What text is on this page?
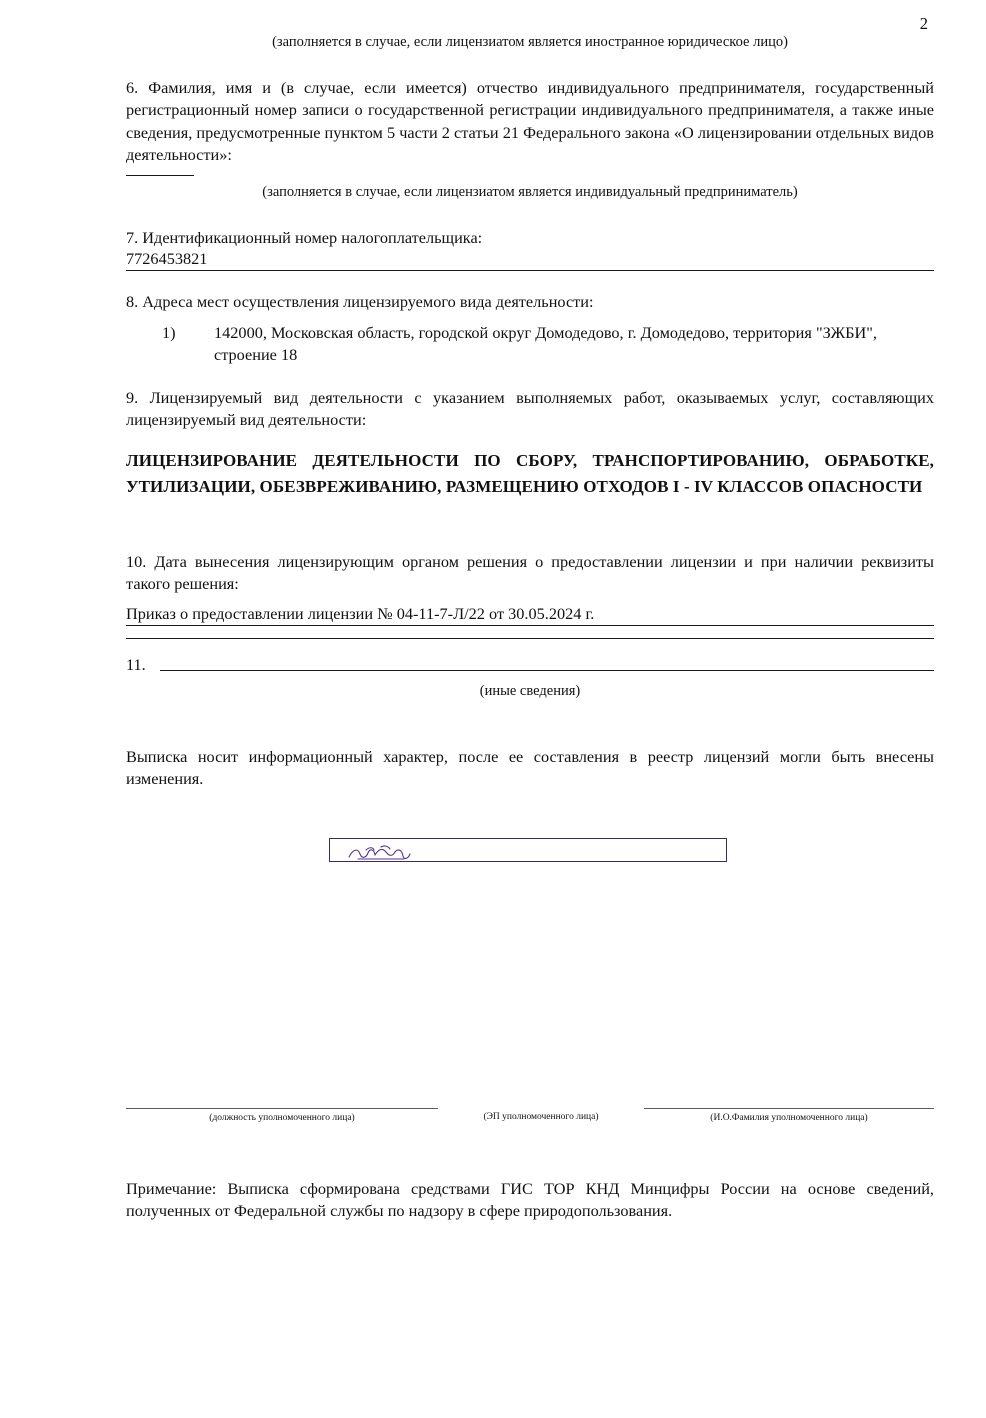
2

(заполняется в случае, если лицензиатом является иностранное юридическое лицо)

6. Фамилия, имя и (в случае, если имеется) отчество индивидуального предпринимателя, государственный регистрационный номер записи о государственной регистрации индивидуального предпринимателя, а также иные сведения, предусмотренные пунктом 5 части 2 статьи 21 Федерального закона «О лицензировании отдельных видов деятельности»:

(заполняется в случае, если лицензиатом является индивидуальный предприниматель)

7. Идентификационный номер налогоплательщика:

7726453821

8. Адреса мест осуществления лицензируемого вида деятельности:

1)	142000, Московская область, городской округ Домодедово, г. Домодедово, территория "ЗЖБИ", строение 18

9. Лицензируемый вид деятельности с указанием выполняемых работ, оказываемых услуг, составляющих лицензируемый вид деятельности:

ЛИЦЕНЗИРОВАНИЕ ДЕЯТЕЛЬНОСТИ ПО СБОРУ, ТРАНСПОРТИРОВАНИЮ, ОБРАБОТКЕ, УТИЛИЗАЦИИ, ОБЕЗВРЕЖИВАНИЮ, РАЗМЕЩЕНИЮ ОТХОДОВ I - IV КЛАССОВ ОПАСНОСТИ

10. Дата вынесения лицензирующим органом решения о предоставлении лицензии и при наличии реквизиты такого решения:

Приказ о предоставлении лицензии № 04-11-7-Л/22 от 30.05.2024 г.
11.

(иные сведения)

Выписка носит информационный характер, после ее составления в реестр лицензий могли быть внесены изменения.

(должность уполномоченного лица)	(ЭП уполномоченного лица)	(И.О.Фамилия уполномоченного лица)
Примечание: Выписка сформирована средствами ГИС ТОР КНД Минцифры России на основе сведений, полученных от Федеральной службы по надзору в сфере природопользования.
